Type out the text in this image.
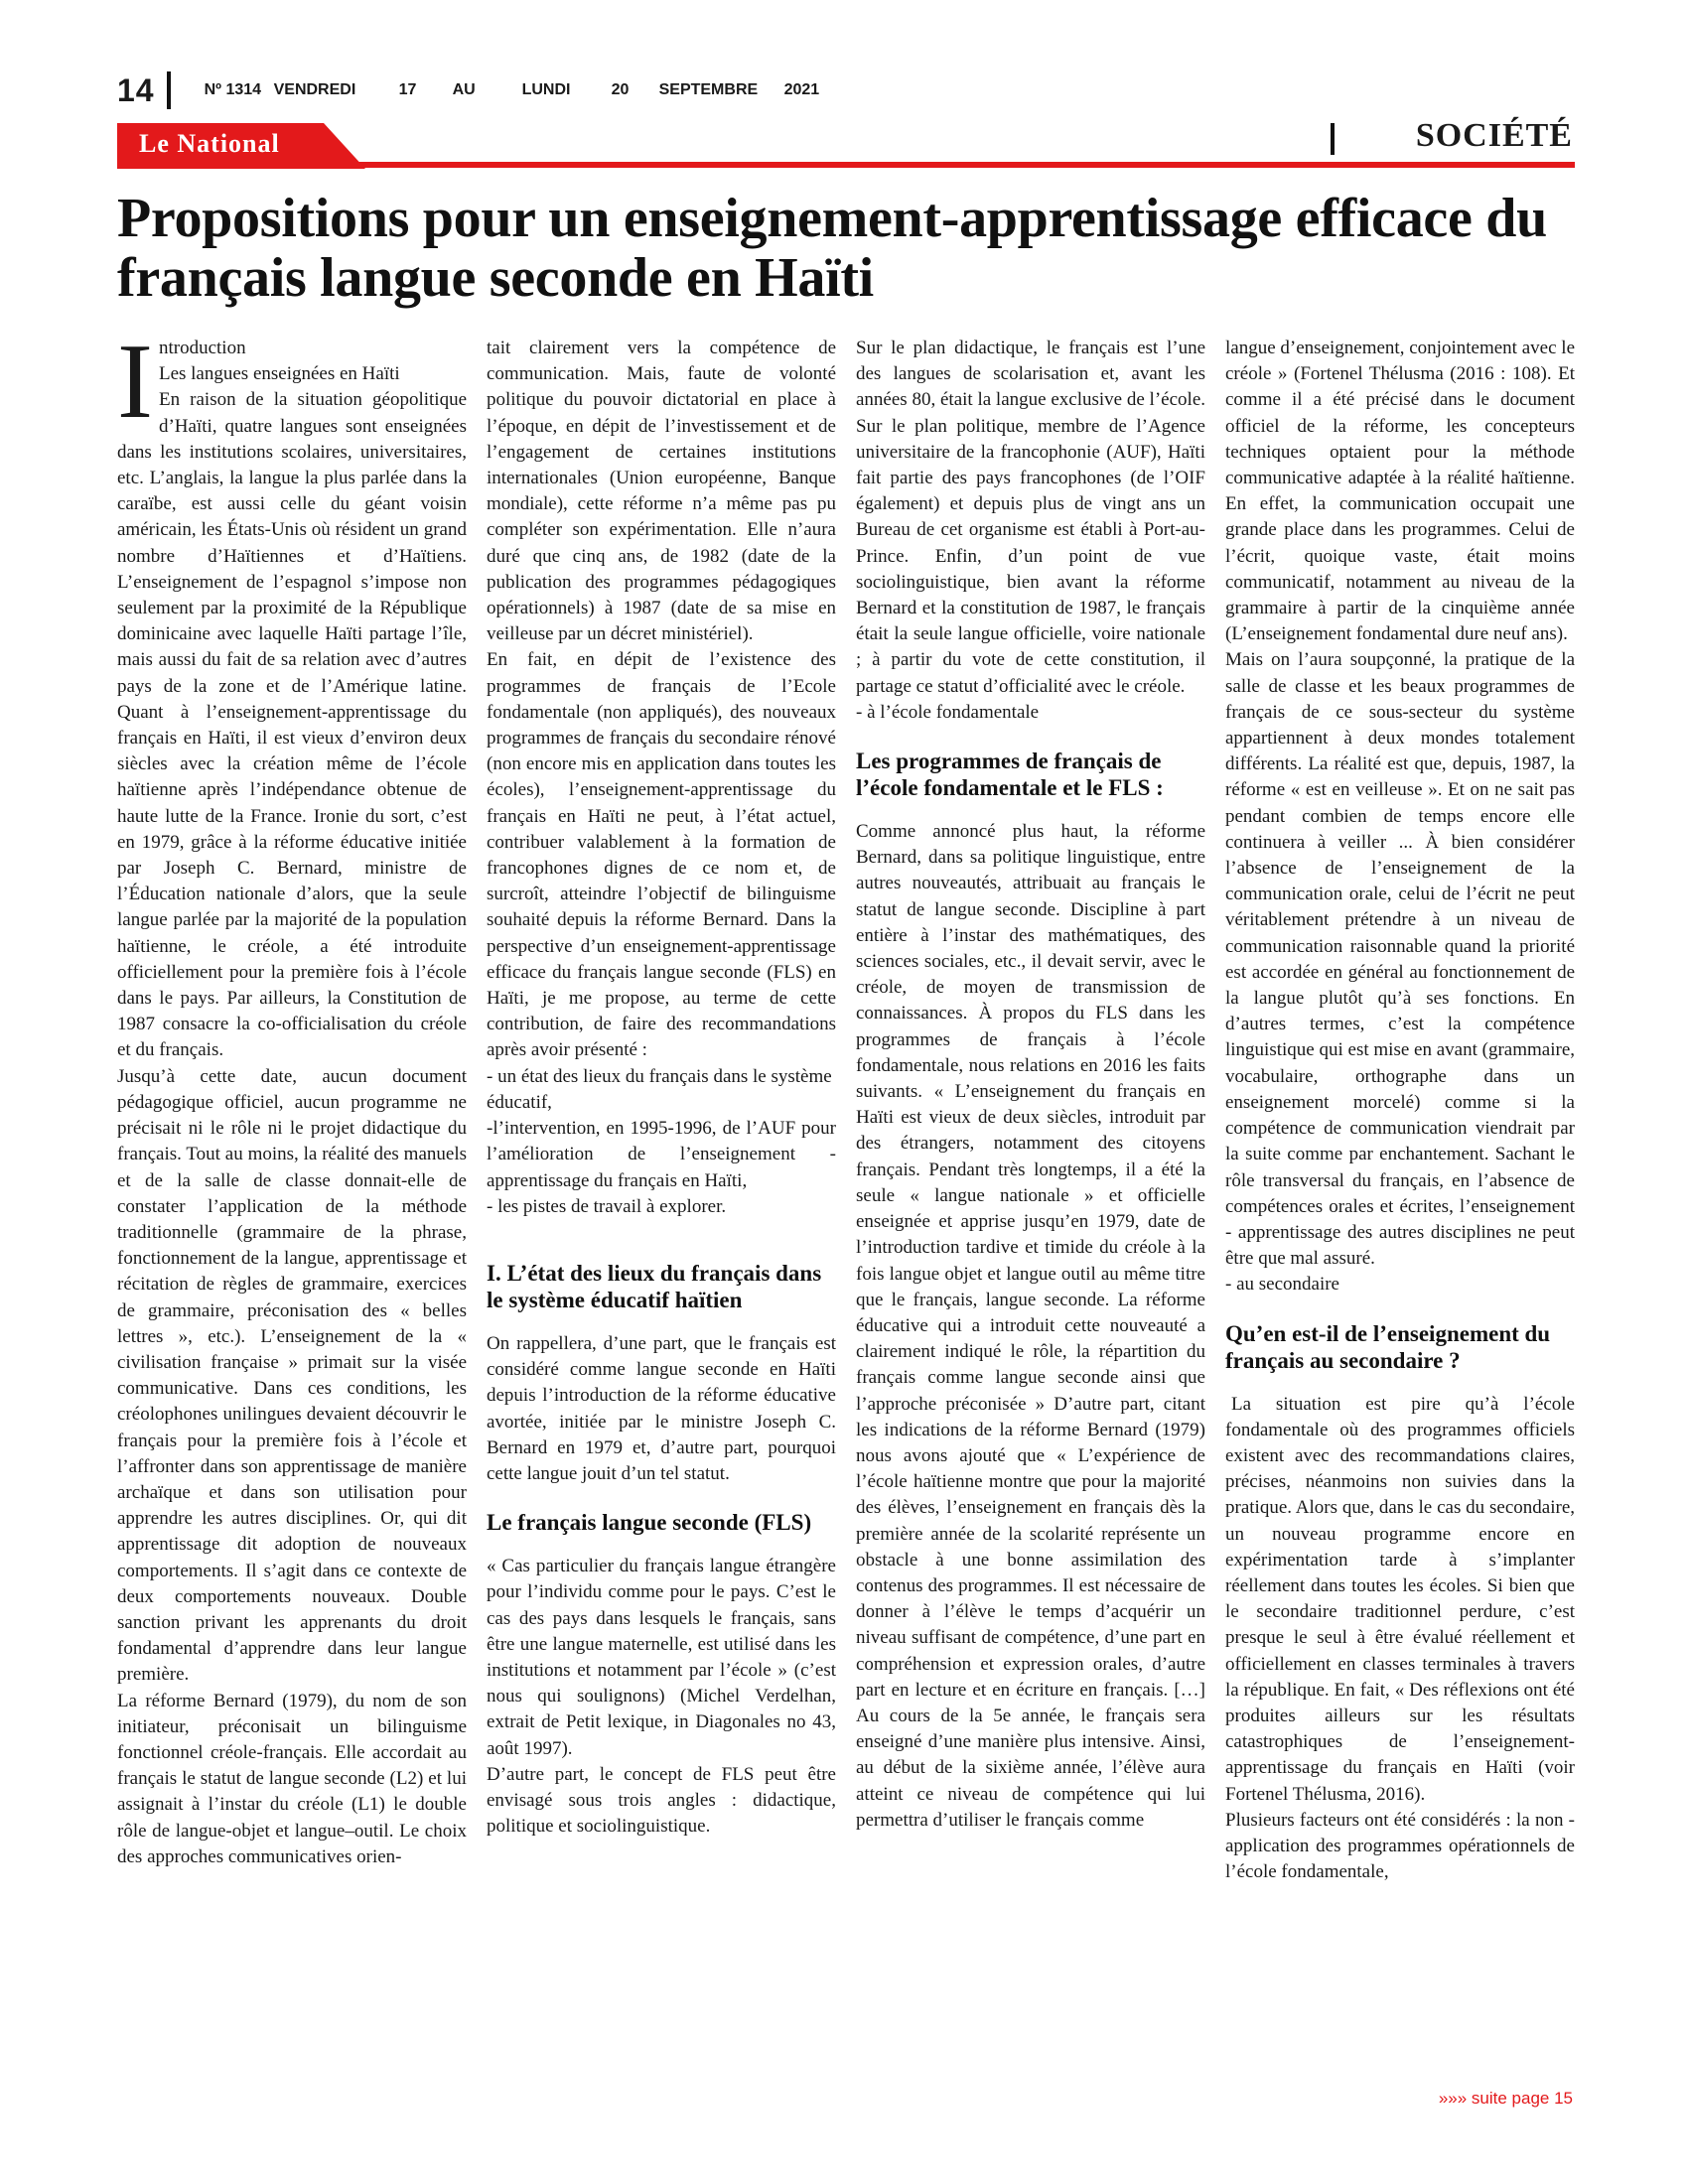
14	Nº 1314 VENDREDI	17	AU	LUNDI	20	SEPTEMBRE	2021
Le National	SOCIÉTÉ
Propositions pour un enseignement-apprentissage efficace du français langue seconde en Haïti
I ntroduction

Les langues enseignées en Haïti

En raison de la situation géopolitique d’Haïti, quatre langues sont enseignées dans les institutions scolaires, universitaires, etc. L’anglais, la langue la plus parlée dans la caraïbe, est aussi celle du géant voisin américain, les États-Unis où résident un grand nombre d’Haïtiennes et d’Haïtiens. L’enseignement de l’espagnol s’impose non seulement par la proximité de la République dominicaine avec laquelle Haïti partage l’île, mais aussi du fait de sa relation avec d’autres pays de la zone et de l’Amérique latine. Quant à l’enseignement-apprentissage du français en Haïti, il est vieux d’environ deux siècles avec la création même de l’école haïtienne après l’indépendance obtenue de haute lutte de la France. Ironie du sort, c’est en 1979, grâce à la réforme éducative initiée par Joseph C. Bernard, ministre de l’Éducation nationale d’alors, que la seule langue parlée par la majorité de la population haïtienne, le créole, a été introduite officiellement pour la première fois à l’école dans le pays. Par ailleurs, la Constitution de 1987 consacre la co-officialisation du créole et du français.

Jusqu’à cette date, aucun document pédagogique officiel, aucun programme ne précisait ni le rôle ni le projet didactique du français. Tout au moins, la réalité des manuels et de la salle de classe donnait-elle de constater l’application de la méthode traditionnelle (grammaire de la phrase, fonctionnement de la langue, apprentissage et récitation de règles de grammaire, exercices de grammaire, préconisation des « belles lettres », etc.). L’enseignement de la « civilisation française » primait sur la visée communicative. Dans ces conditions, les créolophones unilingues devaient découvrir le français pour la première fois à l’école et l’affronter dans son apprentissage de manière archaïque et dans son utilisation pour apprendre les autres disciplines. Or, qui dit apprentissage dit adoption de nouveaux comportements. Il s’agit dans ce contexte de deux comportements nouveaux. Double sanction privant les apprenants du droit fondamental d’apprendre dans leur langue première.

La réforme Bernard (1979), du nom de son initiateur, préconisait un bilinguisme fonctionnel créole-français. Elle accordait au français le statut de langue seconde (L2) et lui assignait à l’instar du créole (L1) le double rôle de langue-objet et langue–outil. Le choix des approches communicatives orien-

tait clairement vers la compétence de communication. Mais, faute de volonté politique du pouvoir dictatorial en place à l’époque, en dépit de l’investissement et de l’engagement de certaines institutions internationales (Union européenne, Banque mondiale), cette réforme n’a même pas pu compléter son expérimentation. Elle n’aura duré que cinq ans, de 1982 (date de la publication des programmes pédagogiques opérationnels) à 1987 (date de sa mise en veilleuse par un décret ministériel).

En fait, en dépit de l’existence des programmes de français de l’Ecole fondamentale (non appliqués), des nouveaux programmes de français du secondaire rénové (non encore mis en application dans toutes les écoles), l’enseignement-apprentissage du français en Haïti ne peut, à l’état actuel, contribuer valablement à la formation de francophones dignes de ce nom et, de surcroît, atteindre l’objectif de bilinguisme souhaité depuis la réforme Bernard. Dans la perspective d’un enseignement-apprentissage efficace du français langue seconde (FLS) en Haïti, je me propose, au terme de cette contribution, de faire des recommandations après avoir présenté :

- un état des lieux du français dans le système éducatif,

-l’intervention, en 1995-1996, de l’AUF pour l’amélioration de l’enseignement -apprentissage du français en Haïti,

- les pistes de travail à explorer.

I. L’état des lieux du français dans le système éducatif haïtien

On rappellera, d’une part, que le français est considéré comme langue seconde en Haïti depuis l’introduction de la réforme éducative avortée, initiée par le ministre Joseph C. Bernard en 1979 et, d’autre part, pourquoi cette langue jouit d’un tel statut.

Le français langue seconde (FLS)

« Cas particulier du français langue étrangère pour l’individu comme pour le pays. C’est le cas des pays dans lesquels le français, sans être une langue maternelle, est utilisé dans les institutions et notamment par l’école » (c’est nous qui soulignons) (Michel Verdelhan, extrait de Petit lexique, in Diagonales no 43, août 1997).

D’autre part, le concept de FLS peut être envisagé sous trois angles : didactique, politique et sociolinguistique.

Sur le plan didactique, le français est l’une des langues de scolarisation et, avant les années 80, était la langue exclusive de l’école. Sur le plan politique, membre de l’Agence universitaire de la francophonie (AUF), Haïti fait partie des pays francophones (de l’OIF également) et depuis plus de vingt ans un Bureau de cet organisme est établi à Port-au-Prince. Enfin, d’un point de vue sociolinguistique, bien avant la réforme Bernard et la constitution de 1987, le français était la seule langue officielle, voire nationale ; à partir du vote de cette constitution, il partage ce statut d’officialité avec le créole.

- à l’école fondamentale

Les programmes de français de l’école fondamentale et le FLS :

Comme annoncé plus haut, la réforme Bernard, dans sa politique linguistique, entre autres nouveautés, attribuait au français le statut de langue seconde. Discipline à part entière à l’instar des mathématiques, des sciences sociales, etc., il devait servir, avec le créole, de moyen de transmission de connaissances. À propos du FLS dans les programmes de français à l’école fondamentale, nous relations en 2016 les faits suivants. « L’enseignement du français en Haïti est vieux de deux siècles, introduit par des étrangers, notamment des citoyens français. Pendant très longtemps, il a été la seule « langue nationale » et officielle enseignée et apprise jusqu’en 1979, date de l’introduction tardive et timide du créole à la fois langue objet et langue outil au même titre que le français, langue seconde. La réforme éducative qui a introduit cette nouveauté a clairement indiqué le rôle, la répartition du français comme langue seconde ainsi que l’approche préconisée » D’autre part, citant les indications de la réforme Bernard (1979) nous avons ajouté que « L’expérience de l’école haïtienne montre que pour la majorité des élèves, l’enseignement en français dès la première année de la scolarité représente un obstacle à une bonne assimilation des contenus des programmes. Il est nécessaire de donner à l’élève le temps d’acquérir un niveau suffisant de compétence, d’une part en compréhension et expression orales, d’autre part en lecture et en écriture en français. […] Au cours de la 5e année, le français sera enseigné d’une manière plus intensive. Ainsi, au début de la sixième année, l’élève aura atteint ce niveau de compétence qui lui permettra d’utiliser le français comme

langue d’enseignement, conjointement avec le créole » (Fortenel Thélusma (2016 : 108). Et comme il a été précisé dans le document officiel de la réforme, les concepteurs techniques optaient pour la méthode communicative adaptée à la réalité haïtienne. En effet, la communication occupait une grande place dans les programmes. Celui de l’écrit, quoique vaste, était moins communicatif, notamment au niveau de la grammaire à partir de la cinquième année (L’enseignement fondamental dure neuf ans).

Mais on l’aura soupçonné, la pratique de la salle de classe et les beaux programmes de français de ce sous-secteur du système appartiennent à deux mondes totalement différents. La réalité est que, depuis, 1987, la réforme « est en veilleuse ». Et on ne sait pas pendant combien de temps encore elle continuera à veiller ... À bien considérer l’absence de l’enseignement de la communication orale, celui de l’écrit ne peut véritablement prétendre à un niveau de communication raisonnable quand la priorité est accordée en général au fonctionnement de la langue plutôt qu’à ses fonctions. En d’autres termes, c’est la compétence linguistique qui est mise en avant (grammaire, vocabulaire, orthographe dans un enseignement morcelé) comme si la compétence de communication viendrait par la suite comme par enchantement. Sachant le rôle transversal du français, en l’absence de compétences orales et écrites, l’enseignement - apprentissage des autres disciplines ne peut être que mal assuré.

- au secondaire

Qu’en est-il de l’enseignement du français au secondaire ?

La situation est pire qu’à l’école fondamentale où des programmes officiels existent avec des recommandations claires, précises, néanmoins non suivies dans la pratique. Alors que, dans le cas du secondaire, un nouveau programme encore en expérimentation tarde à s’implanter réellement dans toutes les écoles. Si bien que le secondaire traditionnel perdure, c’est presque le seul à être évalué réellement et officiellement en classes terminales à travers la république. En fait, « Des réflexions ont été produites ailleurs sur les résultats catastrophiques de l’enseignement-apprentissage du français en Haïti (voir Fortenel Thélusma, 2016).

Plusieurs facteurs ont été considérés : la non -application des programmes opérationnels de l’école fondamentale,

»»» suite page 15
